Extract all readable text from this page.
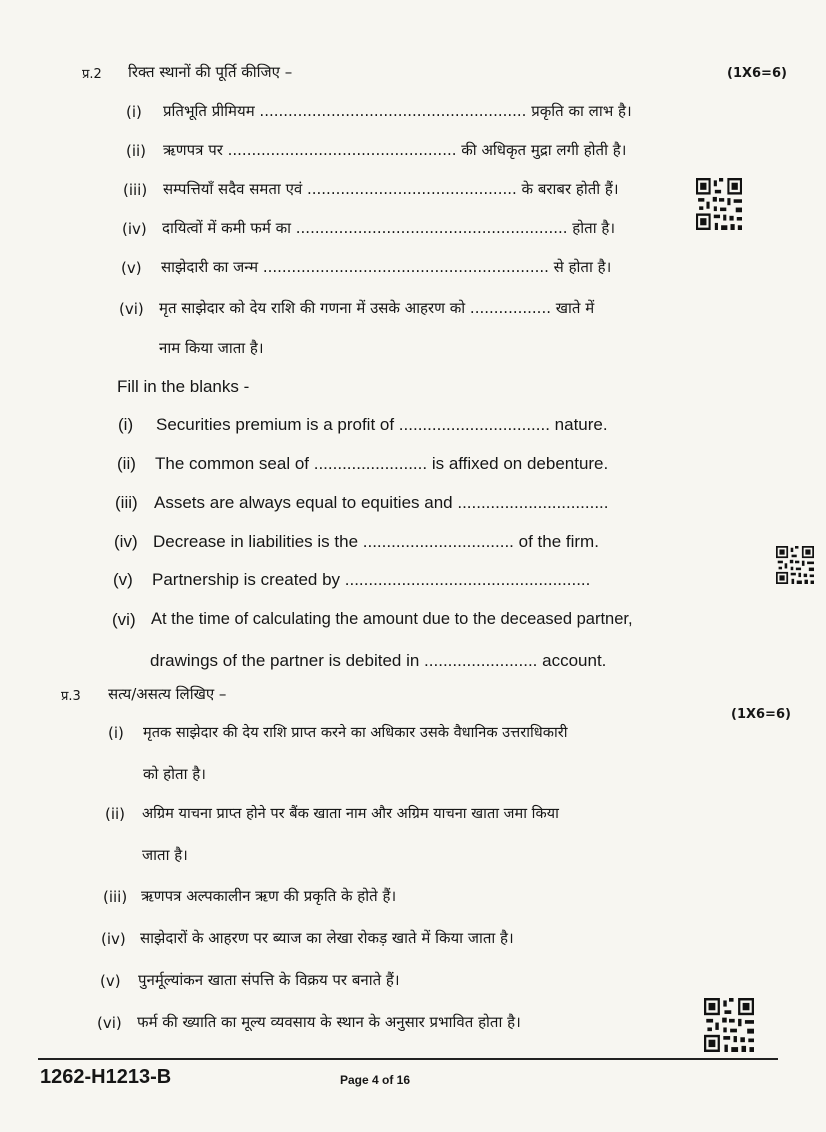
प्र.2 रिक्त स्थानों की पूर्ति कीजिए –	(1X6=6)
(i) प्रतिभूति प्रीमियम ........................................................ प्रकृति का लाभ है।
(ii) ऋणपत्र पर ................................................ की अधिकृत मुद्रा लगी होती है।
(iii) सम्पत्तियाँ सदैव समता एवं ............................................ के बराबर होती हैं।
(iv) दायित्वों में कमी फर्म का ......................................................... होता है।
(v) साझेदारी का जन्म ............................................................ से होता है।
(vi) मृत साझेदार को देय राशि की गणना में उसके आहरण को ................. खाते में
नाम किया जाता है।
Fill in the blanks -
(i) Securities premium is a profit of ................................ nature.
(ii) The common seal of ........................ is affixed on debenture.
(iii) Assets are always equal to equities and ................................
(iv) Decrease in liabilities is the ................................ of the firm.
(v) Partnership is created by ....................................................
(vi) At the time of calculating the amount due to the deceased partner,
drawings of the partner is debited in ........................ account.
प्र.3 सत्य/असत्य लिखिए –
(1X6=6)
(i) मृतक साझेदार की देय राशि प्राप्त करने का अधिकार उसके वैधानिक उत्तराधिकारी
को होता है।
(ii) अग्रिम याचना प्राप्त होने पर बैंक खाता नाम और अग्रिम याचना खाता जमा किया
जाता है।
(iii) ऋणपत्र अल्पकालीन ऋण की प्रकृति के होते हैं।
(iv) साझेदारों के आहरण पर ब्याज का लेखा रोकड़ खाते में किया जाता है।
(v) पुनर्मूल्यांकन खाता संपत्ति के विक्रय पर बनाते हैं।
(vi) फर्म की ख्याति का मूल्य व्यवसाय के स्थान के अनुसार प्रभावित होता है।
1262-H1213-B	Page 4 of 16
